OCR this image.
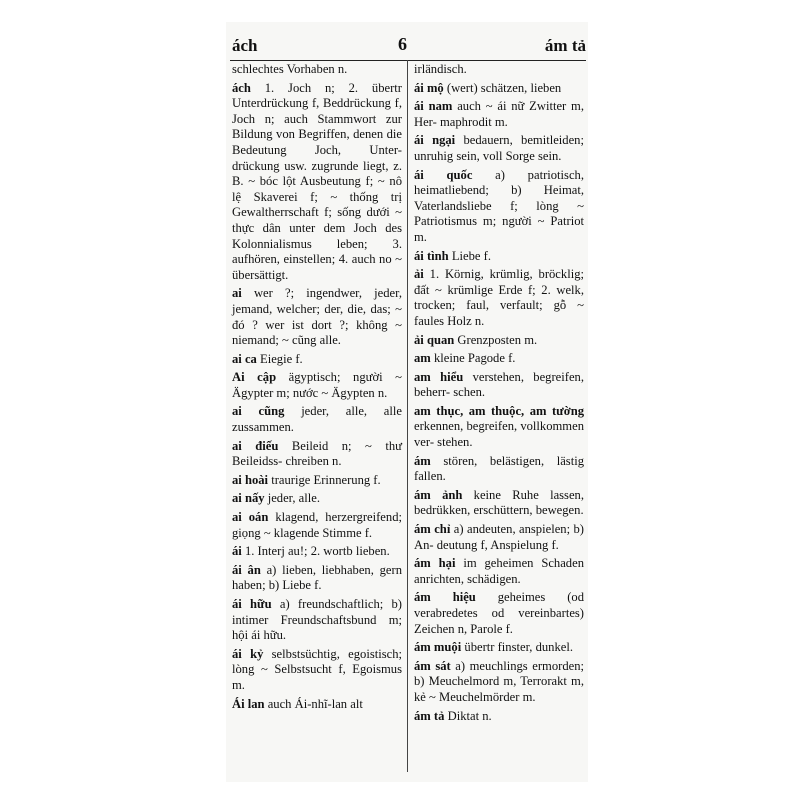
ách	6	ám tả

schlechtes Vorhaben n.

ách 1. Joch n; 2. übertr Unterdrückung f, Beddrückung f, Joch n; auch Stammwort zur Bildung von Begriffen, denen die Bedeutung Joch, Unter- drückung usw. zugrunde liegt, z. B. ~ bóc lột Ausbeutung f; ~ nô lệ Skaverei f; ~ thống trị Gewaltherrschaft f; sống dưới ~ thực dân unter dem Joch des Kolonnialismus leben; 3. aufhören, einstellen; 4. auch no ~ übersättigt.

ai wer ?; ingendwer, jeder, jemand, welcher; der, die, das; ~ đó ? wer ist dort ?; không ~ niemand; ~ cũng alle.

ai ca Eiegie f.

Ai cập ägyptisch; người ~ Ägypter m; nước ~ Ägypten n.

ai cũng jeder, alle, alle zussammen.

ai điếu Beileid n; ~ thư Beileidss- chreiben n.

ai hoài traurige Erinnerung f.

ai nấy jeder, alle.

ai oán klagend, herzergreifend; giọng ~ klagende Stimme f.

ái 1. Interj au!; 2. wortb lieben.

ái ân a) lieben, liebhaben, gern haben; b) Liebe f.

ái hữu a) freundschaftlich; b) intimer Freundschaftsbund m; hội ái hữu.

ái kỷ selbstsüchtig, egoistisch; lòng ~ Selbstsucht f, Egoismus m.

Ái lan auch Ái-nhĩ-lan alt

irländisch.

ái mộ (wert) schätzen, lieben

ái nam auch ~ ái nữ Zwitter m, Her- maphrodit m.

ái ngại bedauern, bemitleiden; unruhig sein, voll Sorge sein.

ái quốc a) patriotisch, heimatliebend; b) Heimat, Vaterlandsliebe f; lòng ~ Patriotismus m; người ~ Patriot m.

ái tình Liebe f.

ải 1. Körnig, krümlig, bröcklig; đất ~ krümlige Erde f; 2. welk, trocken; faul, verfault; gỗ ~ faules Holz n.

ải quan Grenzposten m.

am kleine Pagode f.

am hiểu verstehen, begreifen, beherr- schen.

am thục, am thuộc, am tường erkennen, begreifen, vollkommen ver- stehen.

ám stören, belästigen, lästig fallen.

ám ảnh keine Ruhe lassen, bedrükken, erschüttern, bewegen.

ám chỉ a) andeuten, anspielen; b) An- deutung f, Anspielung f.

ám hại im geheimen Schaden anrichten, schädigen.

ám hiệu geheimes (od verabredetes od vereinbartes) Zeichen n, Parole f.

ám muội übertr finster, dunkel.

ám sát a) meuchlings ermorden; b) Meuchelmord m, Terrorakt m, kẻ ~ Meuchelmörder m.

ám tả Diktat n.
